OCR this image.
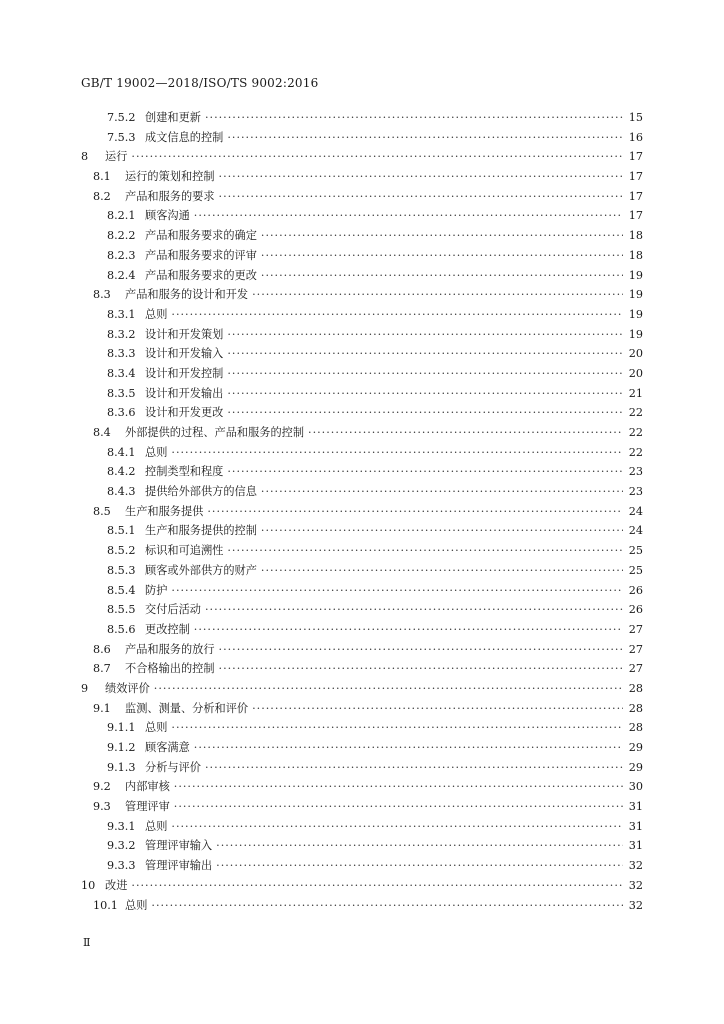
GB/T 19002—2018/ISO/TS 9002:2016
7.5.2 创建和更新 ·····	15
7.5.3 成文信息的控制 ·····	16
8	运行 ·····	17
8.1	运行的策划和控制 ·····	17
8.2	产品和服务的要求 ·····	17
8.2.1 顾客沟通 ·····	17
8.2.2 产品和服务要求的确定 ·····	18
8.2.3 产品和服务要求的评审 ·····	18
8.2.4 产品和服务要求的更改 ·····	19
8.3	产品和服务的设计和开发 ·····	19
8.3.1 总则 ·····	19
8.3.2 设计和开发策划 ·····	19
8.3.3 设计和开发输入 ·····	20
8.3.4 设计和开发控制 ·····	20
8.3.5 设计和开发输出 ·····	21
8.3.6 设计和开发更改 ·····	22
8.4	外部提供的过程、产品和服务的控制 ·····	22
8.4.1 总则 ·····	22
8.4.2 控制类型和程度 ·····	23
8.4.3 提供给外部供方的信息 ·····	23
8.5	生产和服务提供 ·····	24
8.5.1 生产和服务提供的控制 ·····	24
8.5.2 标识和可追溯性 ·····	25
8.5.3 顾客或外部供方的财产 ·····	25
8.5.4 防护 ·····	26
8.5.5 交付后活动 ·····	26
8.5.6 更改控制 ·····	27
8.6	产品和服务的放行 ·····	27
8.7	不合格输出的控制 ·····	27
9	绩效评价 ·····	28
9.1	监测、测量、分析和评价 ·····	28
9.1.1 总则 ·····	28
9.1.2 顾客满意 ·····	29
9.1.3 分析与评价 ·····	29
9.2	内部审核 ·····	30
9.3	管理评审 ·····	31
9.3.1 总则 ·····	31
9.3.2 管理评审输入 ·····	31
9.3.3 管理评审输出 ·····	32
10 改进 ·····	32
10.1 总则 ·····	32
Ⅱ
